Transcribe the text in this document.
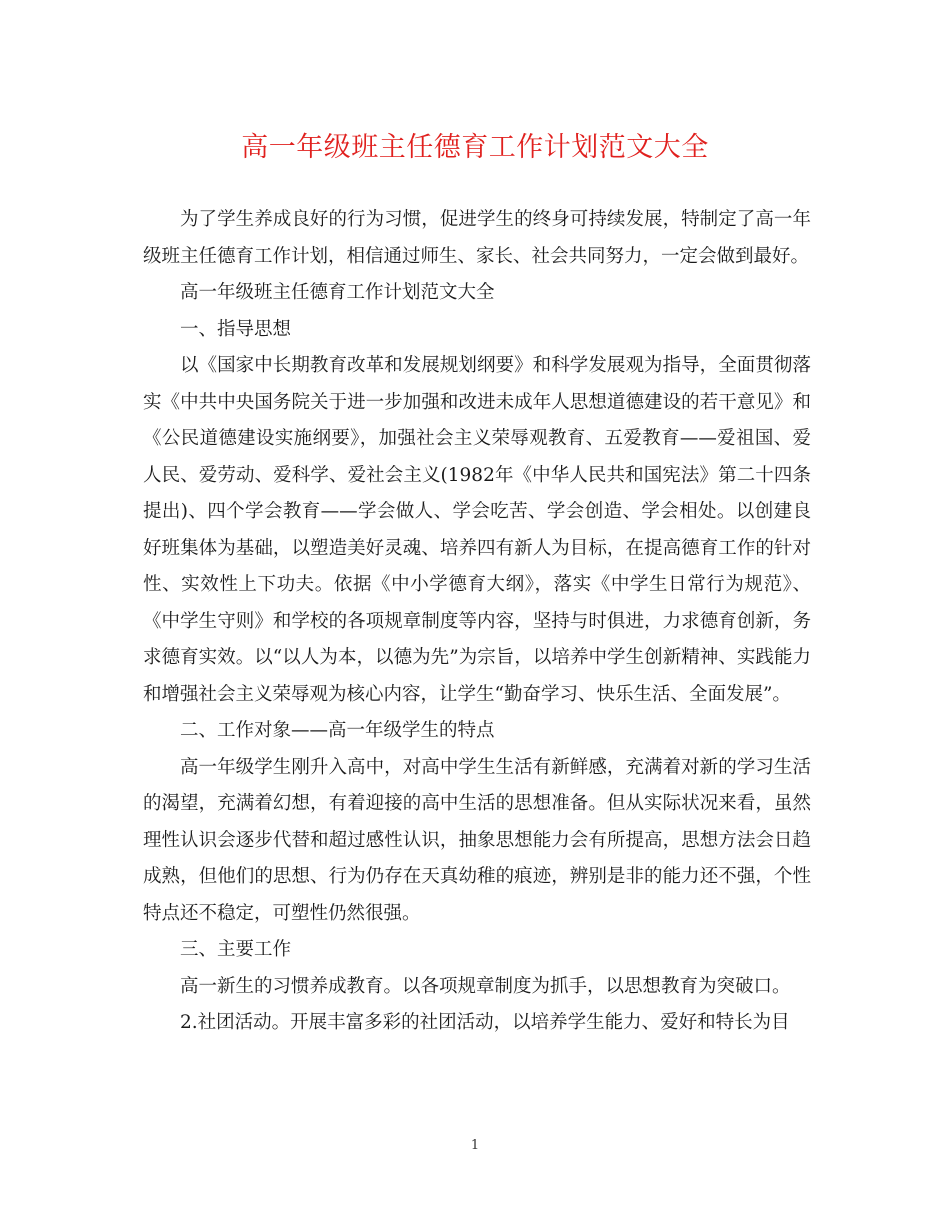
高一年级班主任德育工作计划范文大全

为了学生养成良好的行为习惯，促进学生的终身可持续发展，特制定了高一年级班主任德育工作计划，相信通过师生、家长、社会共同努力，一定会做到最好。

高一年级班主任德育工作计划范文大全

一、指导思想

以《国家中长期教育改革和发展规划纲要》和科学发展观为指导，全面贯彻落实《中共中央国务院关于进一步加强和改进未成年人思想道德建设的若干意见》和《公民道德建设实施纲要》，加强社会主义荣辱观教育、五爱教育——爱祖国、爱人民、爱劳动、爱科学、爱社会主义(1982年《中华人民共和国宪法》第二十四条提出)、四个学会教育——学会做人、学会吃苦、学会创造、学会相处。以创建良好班集体为基础，以塑造美好灵魂、培养四有新人为目标，在提高德育工作的针对性、实效性上下功夫。依据《中小学德育大纲》，落实《中学生日常行为规范》、《中学生守则》和学校的各项规章制度等内容，坚持与时俱进，力求德育创新，务求德育实效。以“以人为本，以德为先”为宗旨，以培养中学生创新精神、实践能力和增强社会主义荣辱观为核心内容，让学生“勤奋学习、快乐生活、全面发展”。

二、工作对象——高一年级学生的特点

高一年级学生刚升入高中，对高中学生生活有新鲜感，充满着对新的学习生活的渴望，充满着幻想，有着迎接的高中生活的思想准备。但从实际状况来看，虽然理性认识会逐步代替和超过感性认识，抽象思想能力会有所提高，思想方法会日趋成熟，但他们的思想、行为仍存在天真幼稚的痕迹，辨别是非的能力还不强，个性特点还不稳定，可塑性仍然很强。

三、主要工作

高一新生的习惯养成教育。以各项规章制度为抓手，以思想教育为突破口。

2.社团活动。开展丰富多彩的社团活动，以培养学生能力、爱好和特长为目

1
